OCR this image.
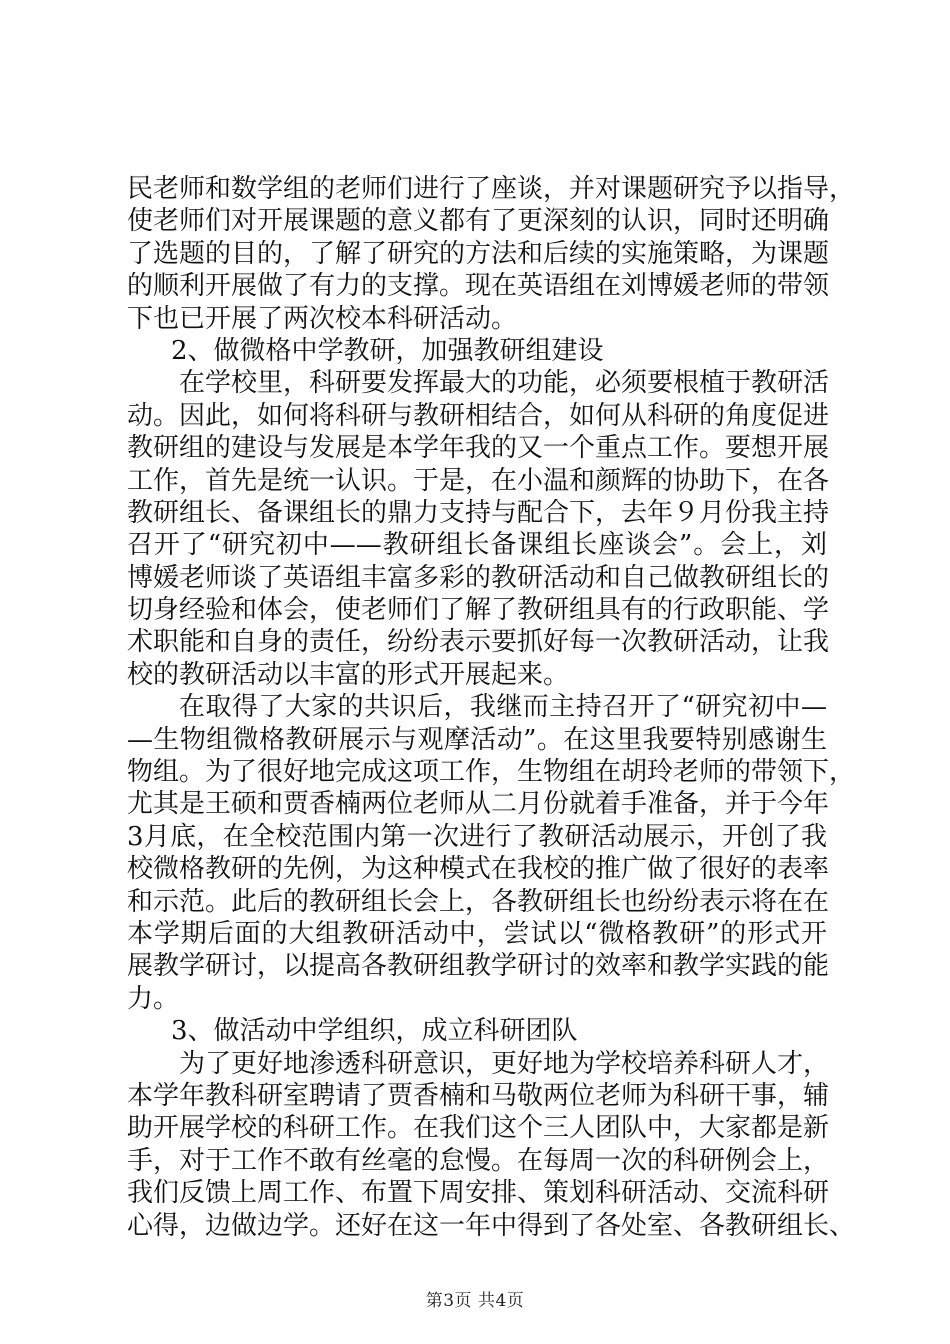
民老师和数学组的老师们进行了座谈，并对课题研究予以指导，
使老师们对开展课题的意义都有了更深刻的认识，同时还明确
了选题的目的，了解了研究的方法和后续的实施策略，为课题
的顺利开展做了有力的支撑。现在英语组在刘博媛老师的带领
下也已开展了两次校本科研活动。
2、做微格中学教研，加强教研组建设
在学校里，科研要发挥最大的功能，必须要根植于教研活
动。因此，如何将科研与教研相结合，如何从科研的角度促进
教研组的建设与发展是本学年我的又一个重点工作。要想开展
工作，首先是统一认识。于是，在小温和颜辉的协助下，在各
教研组长、备课组长的鼎力支持与配合下，去年９月份我主持
召开了“研究初中——教研组长备课组长座谈会”。会上，刘
博媛老师谈了英语组丰富多彩的教研活动和自己做教研组长的
切身经验和体会，使老师们了解了教研组具有的行政职能、学
术职能和自身的责任，纷纷表示要抓好每一次教研活动，让我
校的教研活动以丰富的形式开展起来。
在取得了大家的共识后，我继而主持召开了“研究初中—
—生物组微格教研展示与观摩活动”。在这里我要特别感谢生
物组。为了很好地完成这项工作，生物组在胡玲老师的带领下，
尤其是王硕和贾香楠两位老师从二月份就着手准备，并于今年
3月底，在全校范围内第一次进行了教研活动展示，开创了我
校微格教研的先例，为这种模式在我校的推广做了很好的表率
和示范。此后的教研组长会上，各教研组长也纷纷表示将在在
本学期后面的大组教研活动中，尝试以“微格教研”的形式开
展教学研讨，以提高各教研组教学研讨的效率和教学实践的能
力。
3、做活动中学组织，成立科研团队
为了更好地渗透科研意识，更好地为学校培养科研人才，
本学年教科研室聘请了贾香楠和马敬两位老师为科研干事，辅
助开展学校的科研工作。在我们这个三人团队中，大家都是新
手，对于工作不敢有丝毫的怠慢。在每周一次的科研例会上，
我们反馈上周工作、布置下周安排、策划科研活动、交流科研
心得，边做边学。还好在这一年中得到了各处室、各教研组长、
第3页 共4页
